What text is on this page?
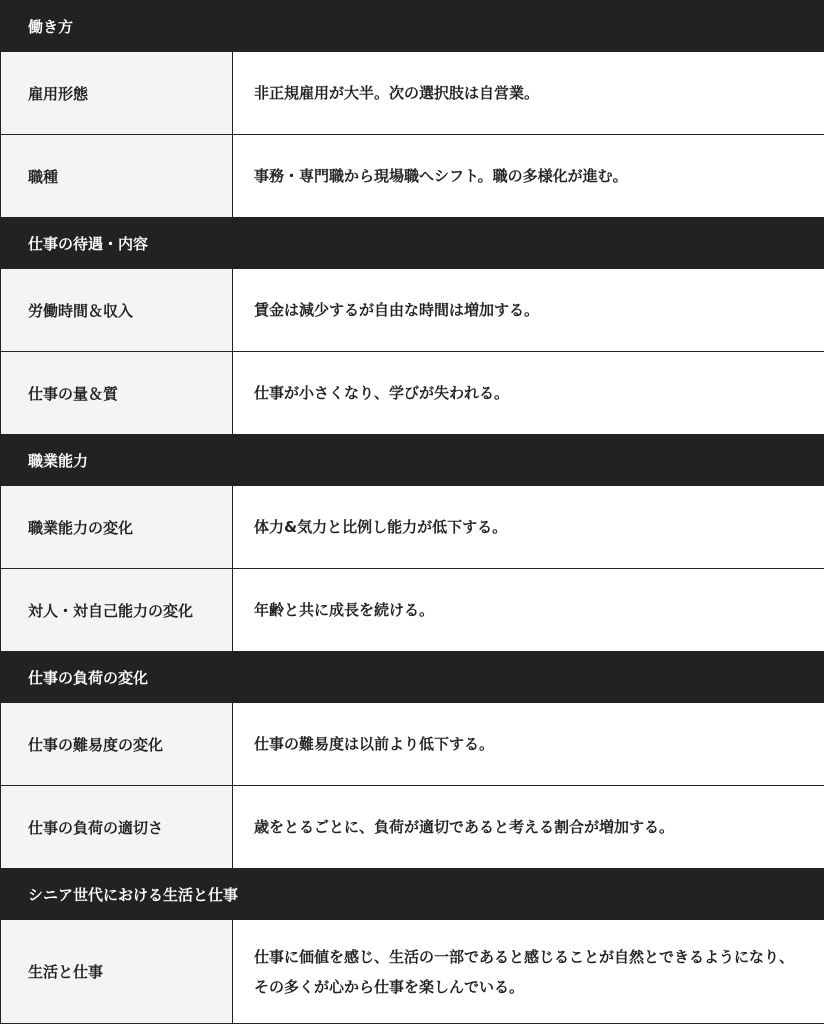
働き方	
雇用形態	非正規雇用が大半。次の選択肢は自営業。
職種	事務・専門職から現場職へシフト。職の多様化が進む。
仕事の待遇・内容	
労働時間＆収入	賃金は減少するが自由な時間は増加する。
仕事の量＆質	仕事が小さくなり、学びが失われる。
職業能力	
職業能力の変化	体力&気力と比例し能力が低下する。
対人・対自己能力の変化	年齢と共に成長を続ける。
仕事の負荷の変化	
仕事の難易度の変化	仕事の難易度は以前より低下する。
仕事の負荷の適切さ	歳をとるごとに、負荷が適切であると考える割合が増加する。
シニア世代における生活と仕事	
生活と仕事	仕事に価値を感じ、生活の一部であると感じることが自然とできるようになり、その多くが心から仕事を楽しんでいる。
